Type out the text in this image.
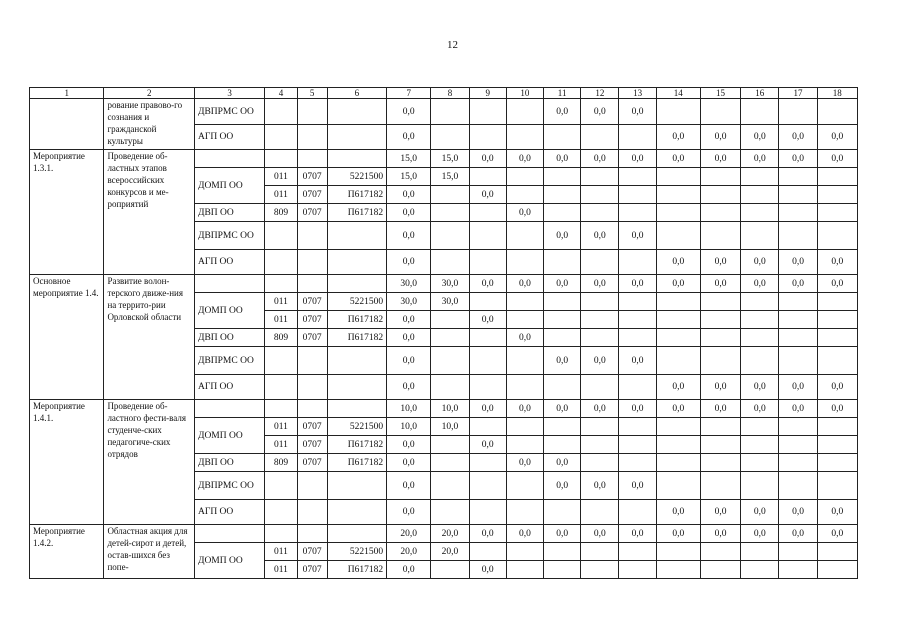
12
1	2	3	4	5	6	7	8	9	10	11	12	13	14	15	16	17	18
	рование правово-го сознания и гражданской культуры	ДВПРМС ОО				0,0				0,0	0,0	0,0					
		АГП ОО				0,0							0,0	0,0	0,0	0,0	0,0
Мероприятие 1.3.1.	Проведение об-ластных этапов всероссийских конкурсов и ме-роприятий					15,0	15,0	0,0	0,0	0,0	0,0	0,0	0,0	0,0	0,0	0,0	0,0
		ДОМП ОО	011	0707	5221500	15,0	15,0										
			011	0707	П617182	0,0		0,0									
		ДВП ОО	809	0707	П617182	0,0			0,0								
		ДВПРМС ОО				0,0				0,0	0,0	0,0					
		АГП ОО				0,0							0,0	0,0	0,0	0,0	0,0
Основное мероприятие 1.4.	Развитие волон-терского движе-ния на террито-рии Орловской области					30,0	30,0	0,0	0,0	0,0	0,0	0,0	0,0	0,0	0,0	0,0	0,0
		ДОМП ОО	011	0707	5221500	30,0	30,0										
			011	0707	П617182	0,0		0,0									
		ДВП ОО	809	0707	П617182	0,0			0,0								
		ДВПРМС ОО				0,0				0,0	0,0	0,0					
		АГП ОО				0,0							0,0	0,0	0,0	0,0	0,0
Мероприятие 1.4.1.	Проведение об-ластного фести-валя студенче-ских педагогиче-ских отрядов					10,0	10,0	0,0	0,0	0,0	0,0	0,0	0,0	0,0	0,0	0,0	0,0
		ДОМП ОО	011	0707	5221500	10,0	10,0										
			011	0707	П617182	0,0		0,0									
		ДВП ОО	809	0707	П617182	0,0			0,0	0,0							
		ДВПРМС ОО				0,0				0,0	0,0	0,0					
		АГП ОО				0,0							0,0	0,0	0,0	0,0	0,0
Мероприятие 1.4.2.	Областная акция для детей-сирот и детей, остав-шихся без попе-					20,0	20,0	0,0	0,0	0,0	0,0	0,0	0,0	0,0	0,0	0,0	0,0
		ДОМП ОО	011	0707	5221500	20,0	20,0										
			011	0707	П617182	0,0		0,0									
